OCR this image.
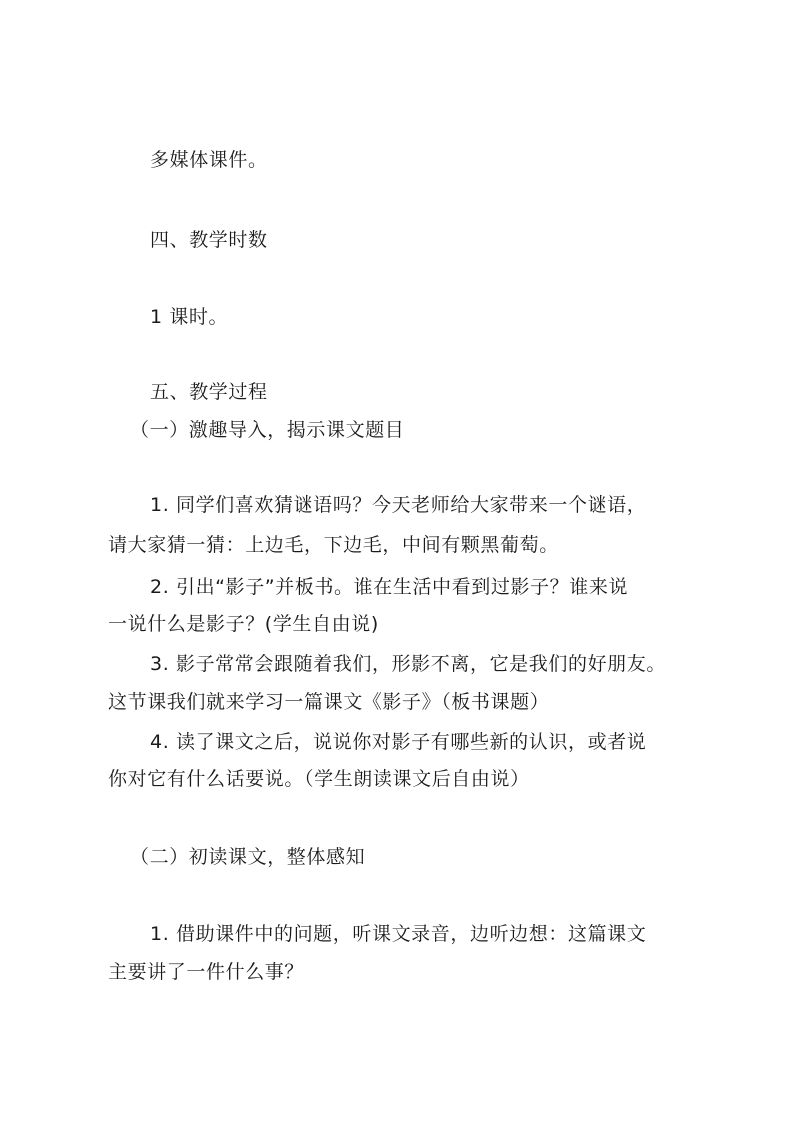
多媒体课件。
四、教学时数
1 课时。
五、教学过程
（一）激趣导入，揭示课文题目
1. 同学们喜欢猜谜语吗？今天老师给大家带来一个谜语，
请大家猜一猜：上边毛，下边毛，中间有颗黑葡萄。
2. 引出“影子”并板书。谁在生活中看到过影子？谁来说
一说什么是影子？(学生自由说)
3. 影子常常会跟随着我们，形影不离，它是我们的好朋友。
这节课我们就来学习一篇课文《影子》（板书课题）
4. 读了课文之后，说说你对影子有哪些新的认识，或者说
你对它有什么话要说。（学生朗读课文后自由说）
（二）初读课文，整体感知
1. 借助课件中的问题，听课文录音，边听边想：这篇课文
主要讲了一件什么事？
